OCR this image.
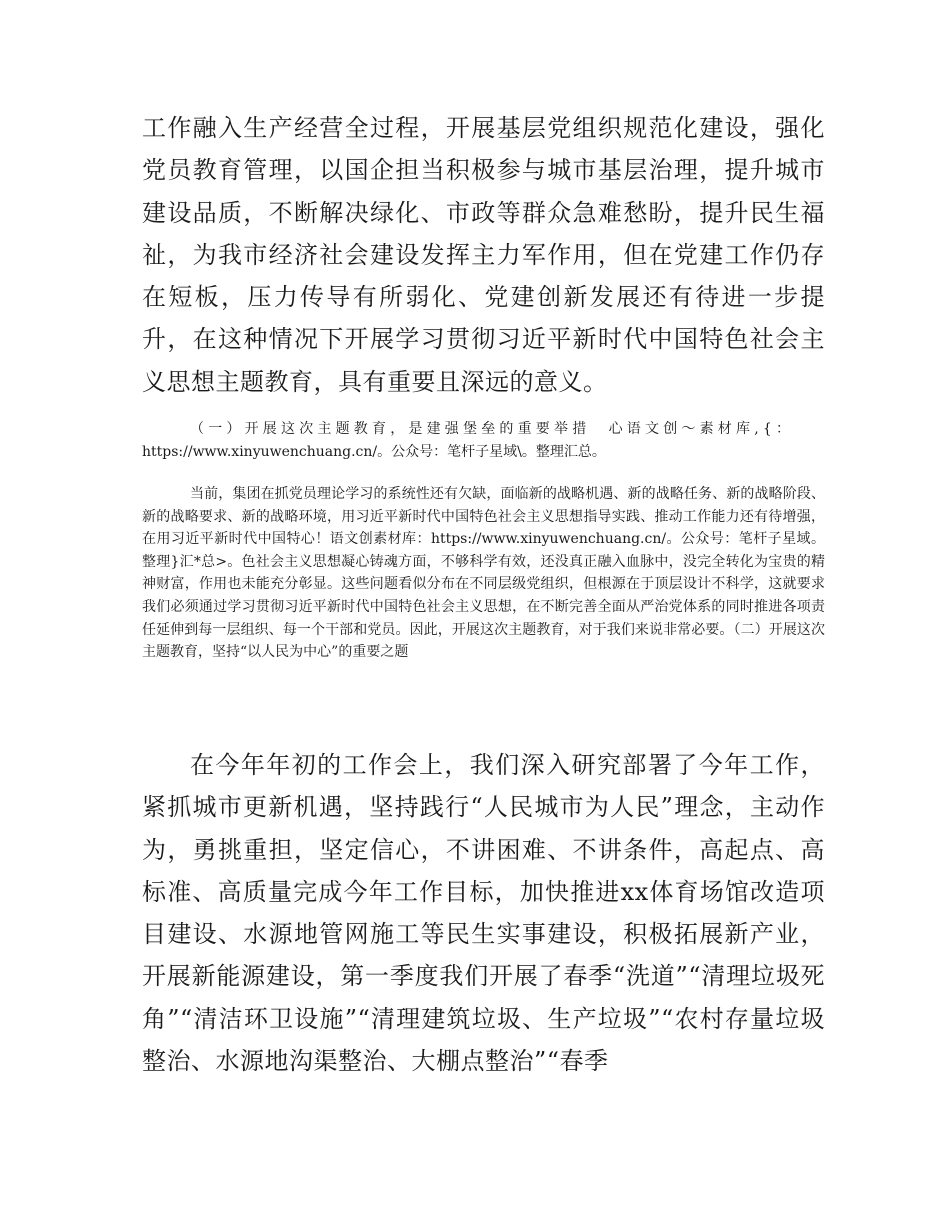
工作融入生产经营全过程，开展基层党组织规范化建设，强化党员教育管理，以国企担当积极参与城市基层治理，提升城市建设品质，不断解决绿化、市政等群众急难愁盼，提升民生福祉，为我市经济社会建设发挥主力军作用，但在党建工作仍存在短板，压力传导有所弱化、党建创新发展还有待进一步提升，在这种情况下开展学习贯彻习近平新时代中国特色社会主义思想主题教育，具有重要且深远的意义。

（一）开展这次主题教育，是建强堡垒的重要举措　心语文创～素材库,{：
https://www.xinyuwenchuang.cn/。公众号：笔杆子星域\。整理汇总。

当前，集团在抓党员理论学习的系统性还有欠缺，面临新的战略机遇、新的战略任务、新的战略阶段、新的战略要求、新的战略环境，用习近平新时代中国特色社会主义思想指导实践、推动工作能力还有待增强，在用习近平新时代中国特心！语文创素材库：https://www.xinyuwenchuang.cn/。公众号：笔杆子星域。整理}汇*总>。色社会主义思想凝心铸魂方面，不够科学有效，还没真正融入血脉中，没完全转化为宝贵的精神财富，作用也未能充分彰显。这些问题看似分布在不同层级党组织，但根源在于顶层设计不科学，这就要求我们必须通过学习贯彻习近平新时代中国特色社会主义思想，在不断完善全面从严治党体系的同时推进各项责任延伸到每一层组织、每一个干部和党员。因此，开展这次主题教育，对于我们来说非常必要。（二）开展这次主题教育，坚持“以人民为中心”的重要之题

在今年年初的工作会上，我们深入研究部署了今年工作，紧抓城市更新机遇，坚持践行“人民城市为人民”理念，主动作为，勇挑重担，坚定信心，不讲困难、不讲条件，高起点、高标准、高质量完成今年工作目标，加快推进xx体育场馆改造项目建设、水源地管网施工等民生实事建设，积极拓展新产业，开展新能源建设，第一季度我们开展了春季“洗道”“清理垃圾死角”“清洁环卫设施”“清理建筑垃圾、生产垃圾”“农村存量垃圾整治、水源地沟渠整治、大棚点整治”“春季
